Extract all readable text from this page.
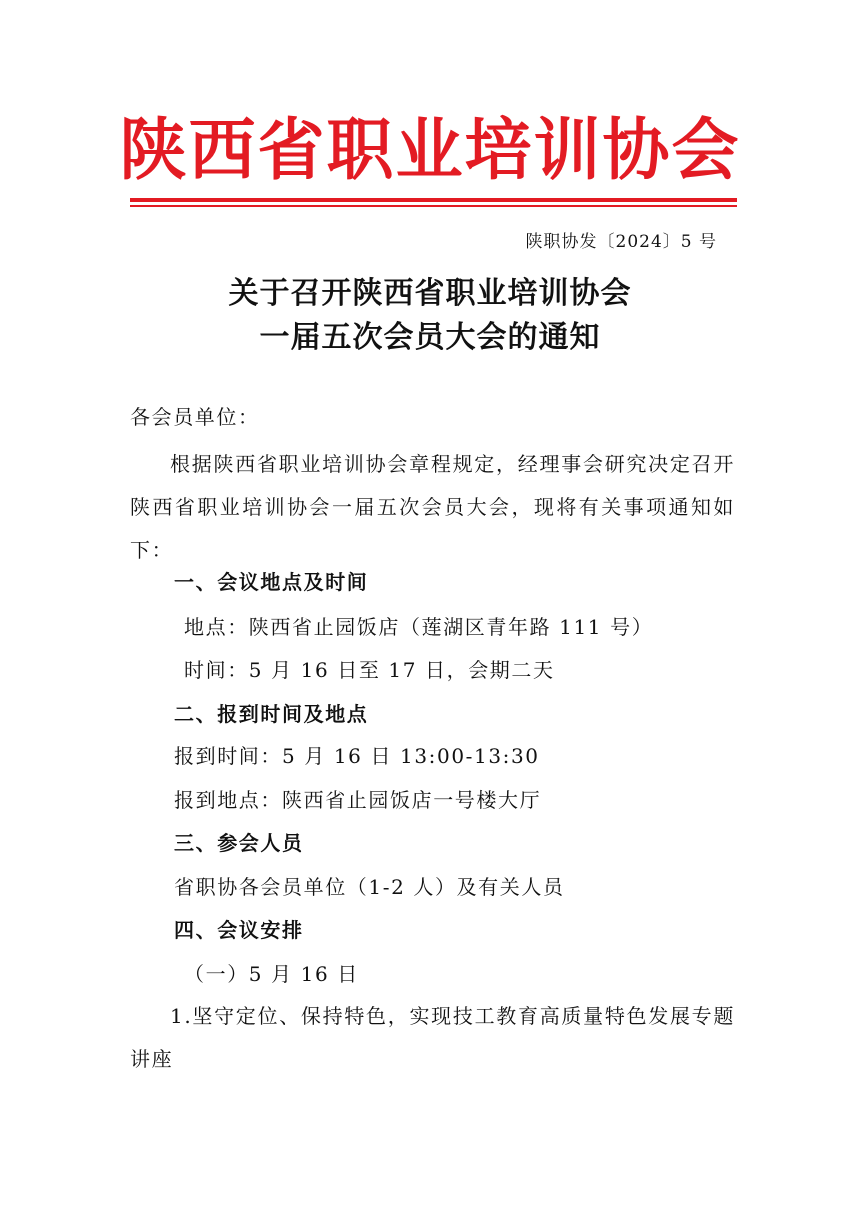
陕西省职业培训协会
陕职协发〔2024〕5 号
关于召开陕西省职业培训协会
一届五次会员大会的通知
各会员单位：
根据陕西省职业培训协会章程规定，经理事会研究决定召开陕西省职业培训协会一届五次会员大会，现将有关事项通知如下：
一、会议地点及时间
地点：陕西省止园饭店（莲湖区青年路 111 号）
时间：5 月 16 日至 17 日，会期二天
二、报到时间及地点
报到时间：5 月 16 日 13:00-13:30
报到地点：陕西省止园饭店一号楼大厅
三、参会人员
省职协各会员单位（1-2 人）及有关人员
四、会议安排
（一）5 月 16 日
1.坚守定位、保持特色，实现技工教育高质量特色发展专题讲座
